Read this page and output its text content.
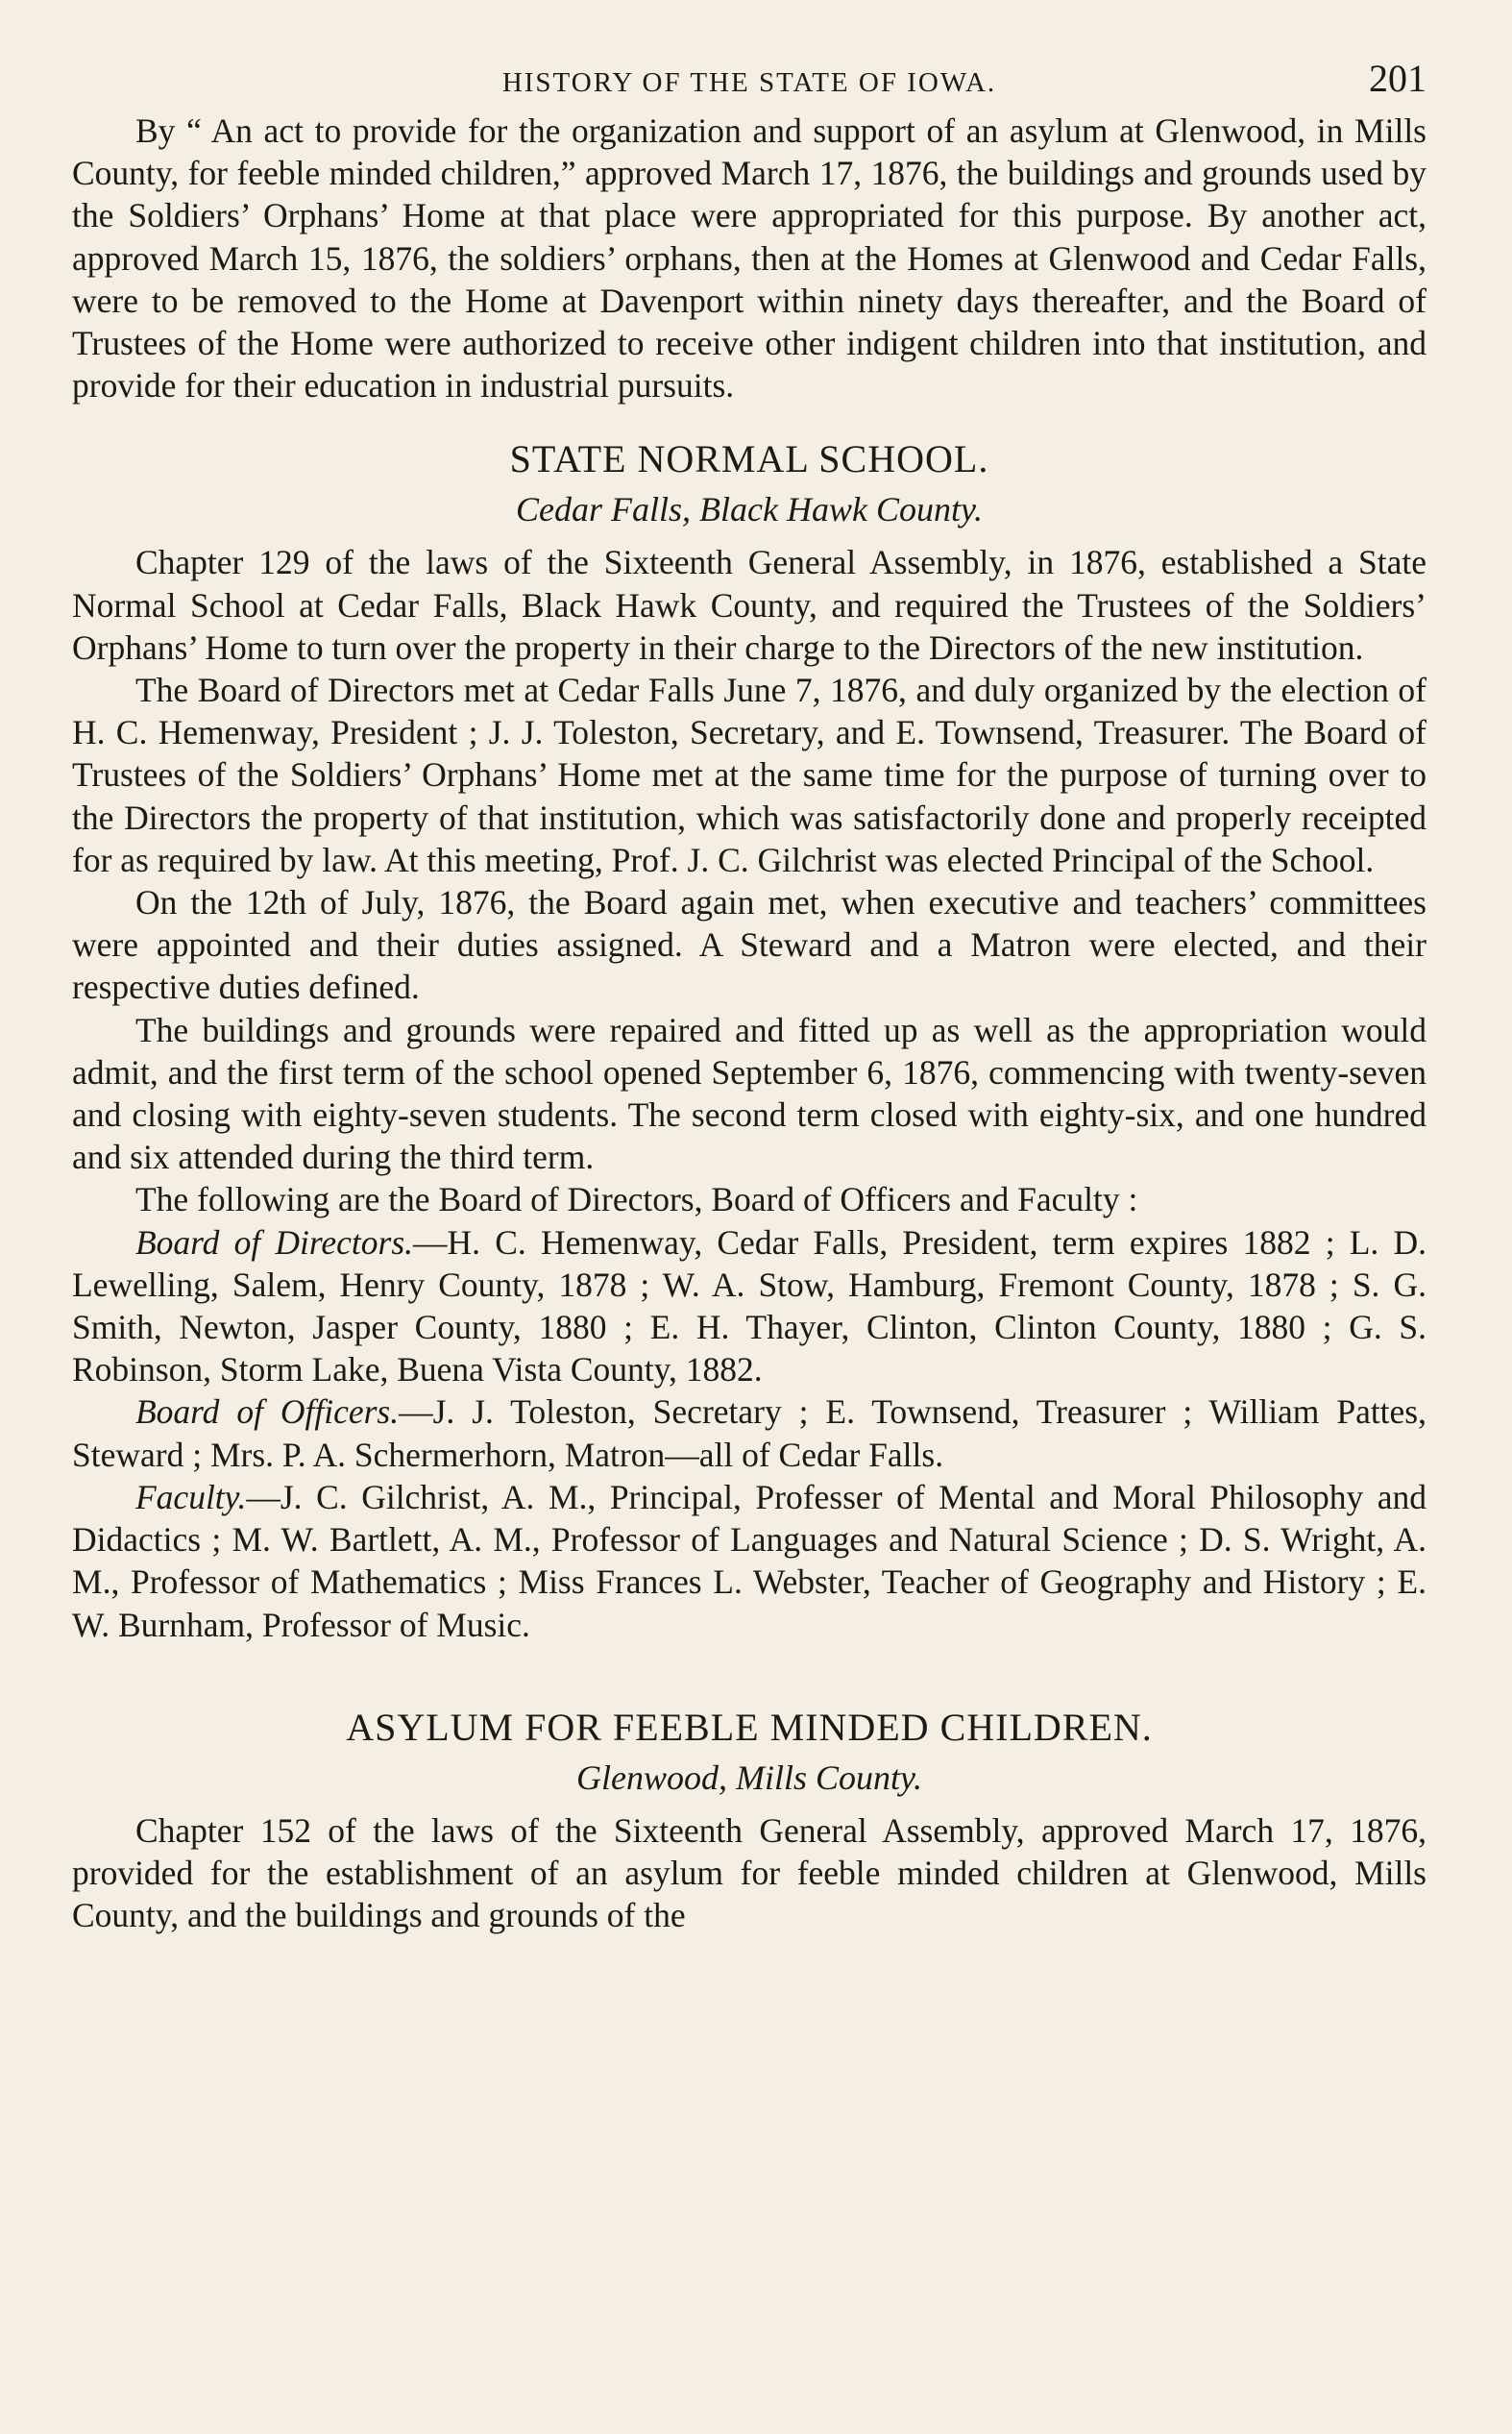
HISTORY OF THE STATE OF IOWA.	201

By “ An act to provide for the organization and support of an asylum at Glenwood, in Mills County, for feeble minded children,” approved March 17, 1876, the buildings and grounds used by the Soldiers’ Orphans’ Home at that place were appropriated for this purpose. By another act, approved March 15, 1876, the soldiers’ orphans, then at the Homes at Glenwood and Cedar Falls, were to be removed to the Home at Davenport within ninety days thereafter, and the Board of Trustees of the Home were authorized to receive other indigent children into that institution, and provide for their education in industrial pursuits.

STATE NORMAL SCHOOL.
Cedar Falls, Black Hawk County.

Chapter 129 of the laws of the Sixteenth General Assembly, in 1876, established a State Normal School at Cedar Falls, Black Hawk County, and required the Trustees of the Soldiers’ Orphans’ Home to turn over the property in their charge to the Directors of the new institution.

The Board of Directors met at Cedar Falls June 7, 1876, and duly organized by the election of H. C. Hemenway, President ; J. J. Toleston, Secretary, and E. Townsend, Treasurer. The Board of Trustees of the Soldiers’ Orphans’ Home met at the same time for the purpose of turning over to the Directors the property of that institution, which was satisfactorily done and properly receipted for as required by law. At this meeting, Prof. J. C. Gilchrist was elected Principal of the School.

On the 12th of July, 1876, the Board again met, when executive and teachers’ committees were appointed and their duties assigned. A Steward and a Matron were elected, and their respective duties defined.

The buildings and grounds were repaired and fitted up as well as the appropriation would admit, and the first term of the school opened September 6, 1876, commencing with twenty-seven and closing with eighty-seven students. The second term closed with eighty-six, and one hundred and six attended during the third term.

The following are the Board of Directors, Board of Officers and Faculty :

Board of Directors.—H. C. Hemenway, Cedar Falls, President, term expires 1882 ; L. D. Lewelling, Salem, Henry County, 1878 ; W. A. Stow, Hamburg, Fremont County, 1878 ; S. G. Smith, Newton, Jasper County, 1880 ; E. H. Thayer, Clinton, Clinton County, 1880 ; G. S. Robinson, Storm Lake, Buena Vista County, 1882.

Board of Officers.—J. J. Toleston, Secretary ; E. Townsend, Treasurer ; William Pattes, Steward ; Mrs. P. A. Schermerhorn, Matron—all of Cedar Falls.

Faculty.—J. C. Gilchrist, A. M., Principal, Professer of Mental and Moral Philosophy and Didactics ; M. W. Bartlett, A. M., Professor of Languages and Natural Science ; D. S. Wright, A. M., Professor of Mathematics ; Miss Frances L. Webster, Teacher of Geography and History ; E. W. Burnham, Professor of Music.

ASYLUM FOR FEEBLE MINDED CHILDREN.
Glenwood, Mills County.

Chapter 152 of the laws of the Sixteenth General Assembly, approved March 17, 1876, provided for the establishment of an asylum for feeble minded children at Glenwood, Mills County, and the buildings and grounds of the
